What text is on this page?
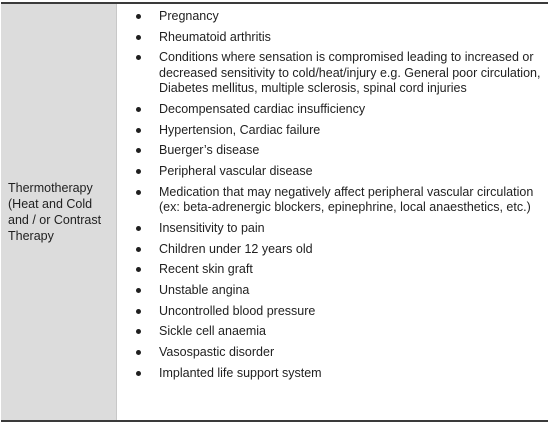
Thermotherapy (Heat and Cold and / or Contrast Therapy
Pregnancy
Rheumatoid arthritis
Conditions where sensation is compromised leading to increased or decreased sensitivity to cold/heat/injury e.g. General poor circulation, Diabetes mellitus, multiple sclerosis, spinal cord injuries
Decompensated cardiac insufficiency
Hypertension, Cardiac failure
Buerger’s disease
Peripheral vascular disease
Medication that may negatively affect peripheral vascular circulation (ex: beta-adrenergic blockers, epinephrine, local anaesthetics, etc.)
Insensitivity to pain
Children under 12 years old
Recent skin graft
Unstable angina
Uncontrolled blood pressure
Sickle cell anaemia
Vasospastic disorder
Implanted life support system
